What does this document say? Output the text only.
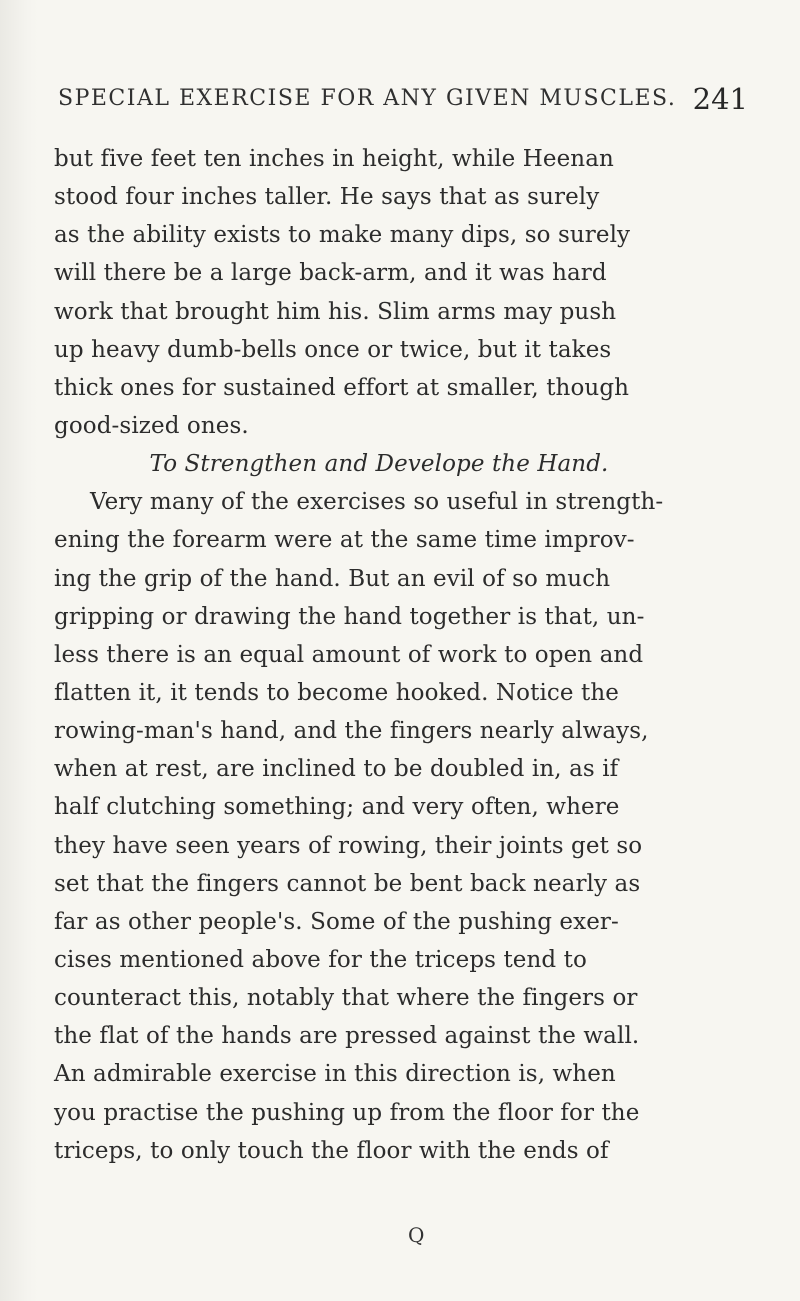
SPECIAL EXERCISE FOR ANY GIVEN MUSCLES. 241
but five feet ten inches in height, while Heenan
stood four inches taller. He says that as surely
as the ability exists to make many dips, so surely
will there be a large back-arm, and it was hard
work that brought him his. Slim arms may push
up heavy dumb-bells once or twice, but it takes
thick ones for sustained effort at smaller, though
good-sized ones.
To Strengthen and Develope the Hand.
Very many of the exercises so useful in strength-
ening the forearm were at the same time improv-
ing the grip of the hand. But an evil of so much
gripping or drawing the hand together is that, un-
less there is an equal amount of work to open and
flatten it, it tends to become hooked. Notice the
rowing-man's hand, and the fingers nearly always,
when at rest, are inclined to be doubled in, as if
half clutching something; and very often, where
they have seen years of rowing, their joints get so
set that the fingers cannot be bent back nearly as
far as other people's. Some of the pushing exer-
cises mentioned above for the triceps tend to
counteract this, notably that where the fingers or
the flat of the hands are pressed against the wall.
An admirable exercise in this direction is, when
you practise the pushing up from the floor for the
triceps, to only touch the floor with the ends of
Q
